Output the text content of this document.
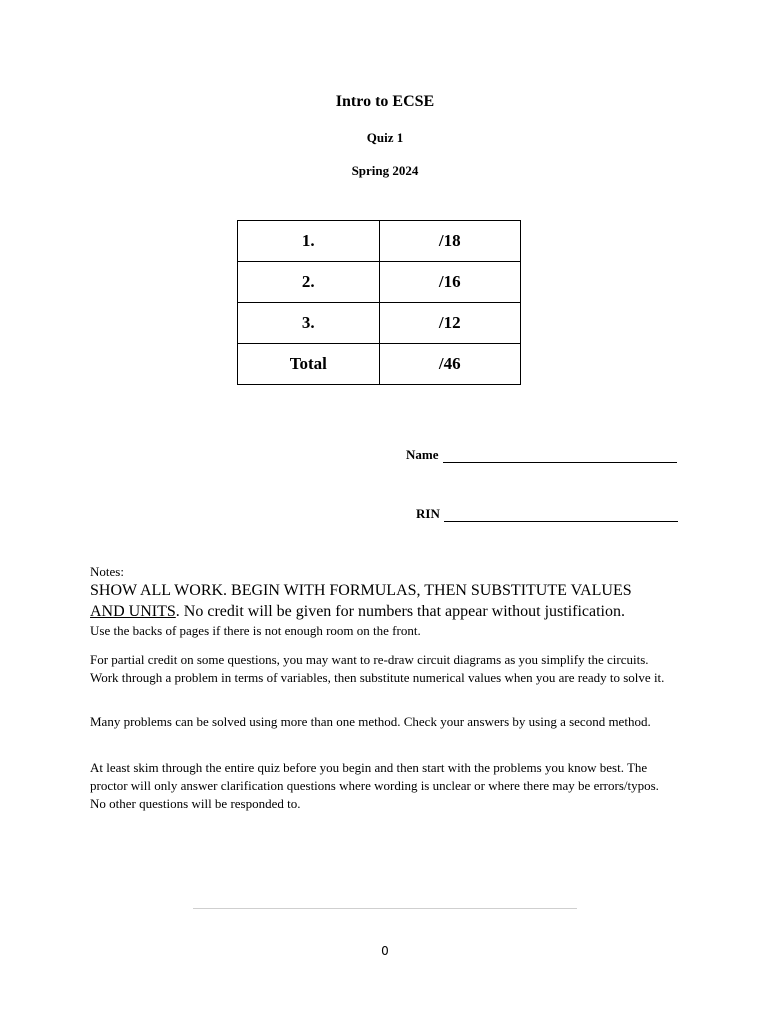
Intro to ECSE
Quiz 1
Spring 2024
1.	/18
2.	/16
3.	/12
Total	/46
Name
RIN
Notes:
SHOW ALL WORK. BEGIN WITH FORMULAS, THEN SUBSTITUTE VALUES
AND UNITS. No credit will be given for numbers that appear without justification.
Use the backs of pages if there is not enough room on the front.
For partial credit on some questions, you may want to re-draw circuit diagrams as you simplify the circuits. Work through a problem in terms of variables, then substitute numerical values when you are ready to solve it.
Many problems can be solved using more than one method. Check your answers by using a second method.
At least skim through the entire quiz before you begin and then start with the problems you know best. The proctor will only answer clarification questions where wording is unclear or where there may be errors/typos. No other questions will be responded to.
0
